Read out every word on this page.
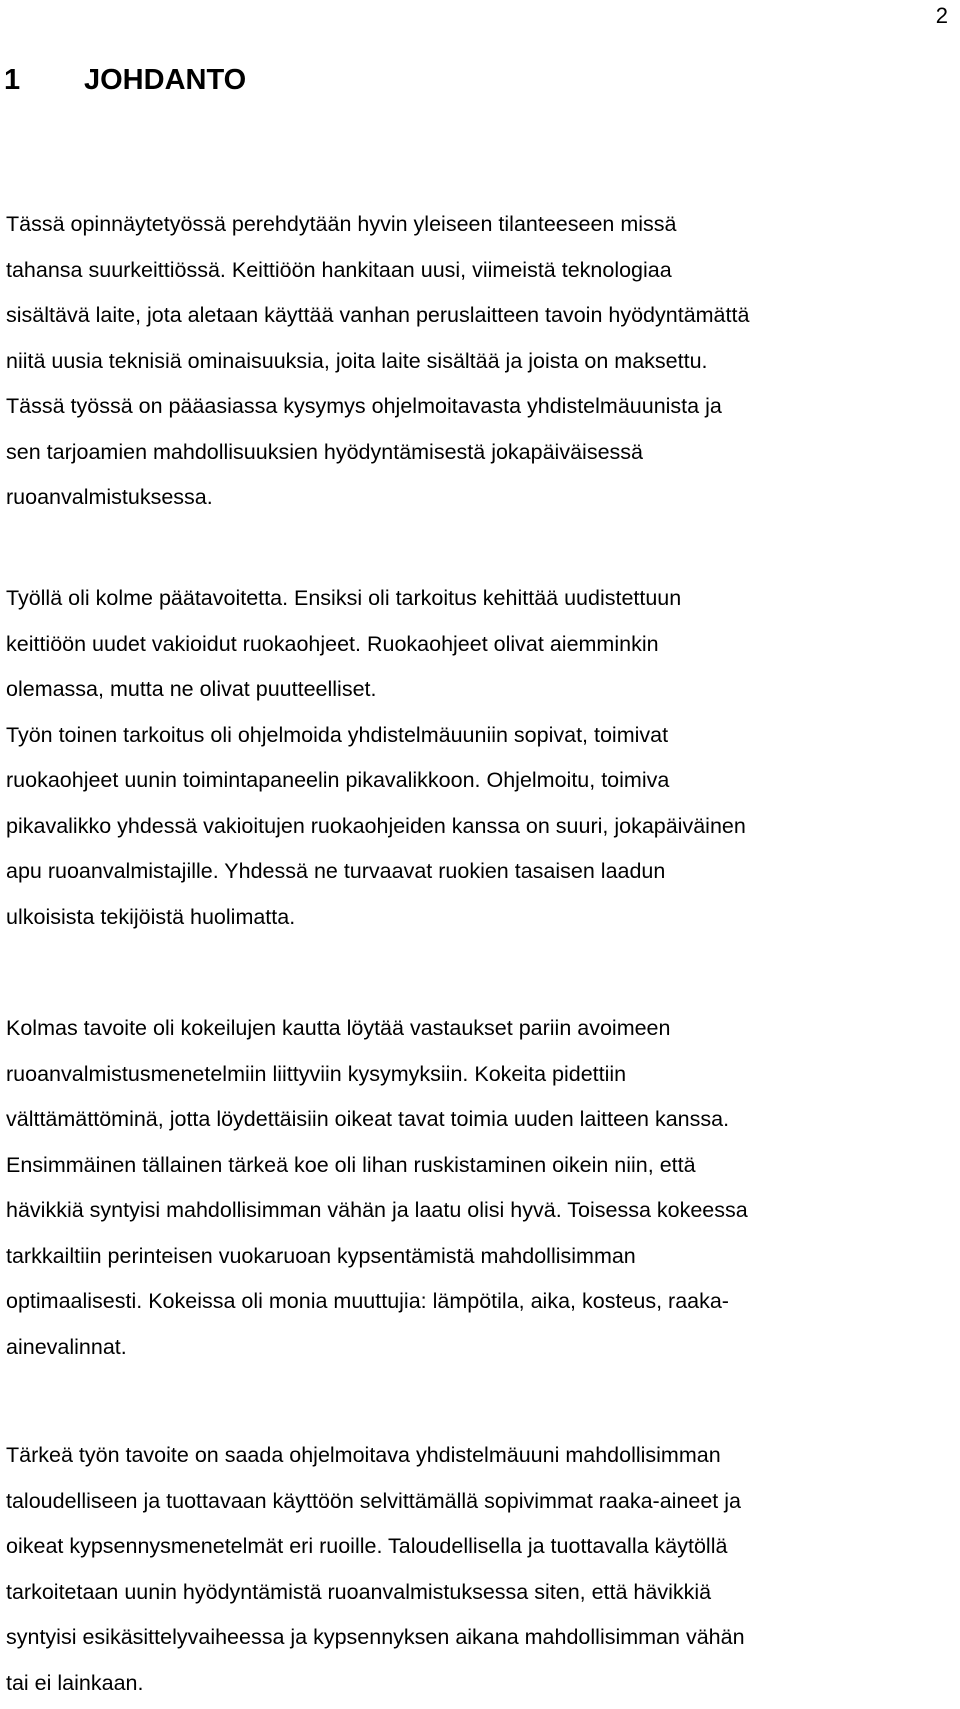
2
1 JOHDANTO

Tässä opinnäytetyössä perehdytään hyvin yleiseen tilanteeseen missä
tahansa suurkeittiössä. Keittiöön hankitaan uusi, viimeistä teknologiaa
sisältävä laite, jota aletaan käyttää vanhan peruslaitteen tavoin hyödyntämättä
niitä uusia teknisiä ominaisuuksia, joita laite sisältää ja joista on maksettu.
Tässä työssä on pääasiassa kysymys ohjelmoitavasta yhdistelmäuunista ja
sen tarjoamien mahdollisuuksien hyödyntämisestä jokapäiväisessä
ruoanvalmistuksessa.

Työllä oli kolme päätavoitetta. Ensiksi oli tarkoitus kehittää uudistettuun
keittiöön uudet vakioidut ruokaohjeet. Ruokaohjeet olivat aiemminkin
olemassa, mutta ne olivat puutteelliset.
Työn toinen tarkoitus oli ohjelmoida yhdistelmäuuniin sopivat, toimivat
ruokaohjeet uunin toimintapaneelin pikavalikkoon. Ohjelmoitu, toimiva
pikavalikko yhdessä vakioitujen ruokaohjeiden kanssa on suuri, jokapäiväinen
apu ruoanvalmistajille. Yhdessä ne turvaavat ruokien tasaisen laadun
ulkoisista tekijöistä huolimatta.

Kolmas tavoite oli kokeilujen kautta löytää vastaukset pariin avoimeen
ruoanvalmistusmenetelmiin liittyviin kysymyksiin. Kokeita pidettiin
välttämättöminä, jotta löydettäisiin oikeat tavat toimia uuden laitteen kanssa.
Ensimmäinen tällainen tärkeä koe oli lihan ruskistaminen oikein niin, että
hävikkiä syntyisi mahdollisimman vähän ja laatu olisi hyvä. Toisessa kokeessa
tarkkailtiin perinteisen vuokaruoan kypsentämistä mahdollisimman
optimaalisesti. Kokeissa oli monia muuttujia: lämpötila, aika, kosteus, raaka-
ainevalinnat.

Tärkeä työn tavoite on saada ohjelmoitava yhdistelmäuuni mahdollisimman
taloudelliseen ja tuottavaan käyttöön selvittämällä sopivimmat raaka-aineet ja
oikeat kypsennysmenetelmät eri ruoille. Taloudellisella ja tuottavalla käytöllä
tarkoitetaan uunin hyödyntämistä ruoanvalmistuksessa siten, että hävikkiä
syntyisi esikäsittelyvaiheessa ja kypsennyksen aikana mahdollisimman vähän
tai ei lainkaan.
